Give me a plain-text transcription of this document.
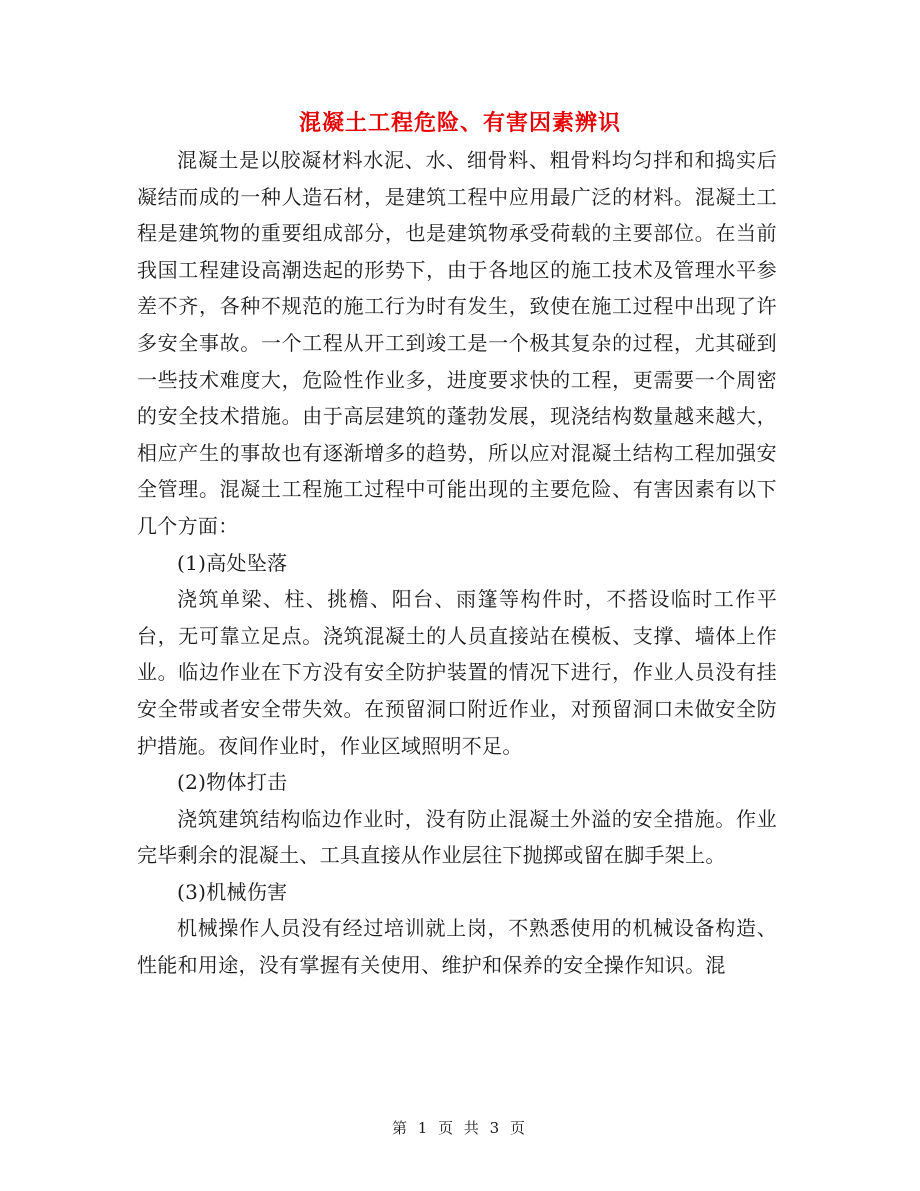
混凝土工程危险、有害因素辨识

混凝土是以胶凝材料水泥、水、细骨料、粗骨料均匀拌和和捣实后凝结而成的一种人造石材，是建筑工程中应用最广泛的材料。混凝土工程是建筑物的重要组成部分，也是建筑物承受荷载的主要部位。在当前我国工程建设高潮迭起的形势下，由于各地区的施工技术及管理水平参差不齐，各种不规范的施工行为时有发生，致使在施工过程中出现了许多安全事故。一个工程从开工到竣工是一个极其复杂的过程，尤其碰到一些技术难度大，危险性作业多，进度要求快的工程，更需要一个周密的安全技术措施。由于高层建筑的蓬勃发展，现浇结构数量越来越大，相应产生的事故也有逐渐增多的趋势，所以应对混凝土结构工程加强安全管理。混凝土工程施工过程中可能出现的主要危险、有害因素有以下几个方面：

(1)高处坠落

浇筑单梁、柱、挑檐、阳台、雨篷等构件时，不搭设临时工作平台，无可靠立足点。浇筑混凝土的人员直接站在模板、支撑、墙体上作业。临边作业在下方没有安全防护装置的情况下进行，作业人员没有挂安全带或者安全带失效。在预留洞口附近作业，对预留洞口未做安全防护措施。夜间作业时，作业区域照明不足。

(2)物体打击

浇筑建筑结构临边作业时，没有防止混凝土外溢的安全措施。作业完毕剩余的混凝土、工具直接从作业层往下抛掷或留在脚手架上。

(3)机械伤害

机械操作人员没有经过培训就上岗，不熟悉使用的机械设备构造、性能和用途，没有掌握有关使用、维护和保养的安全操作知识。混

第 1 页 共 3 页
